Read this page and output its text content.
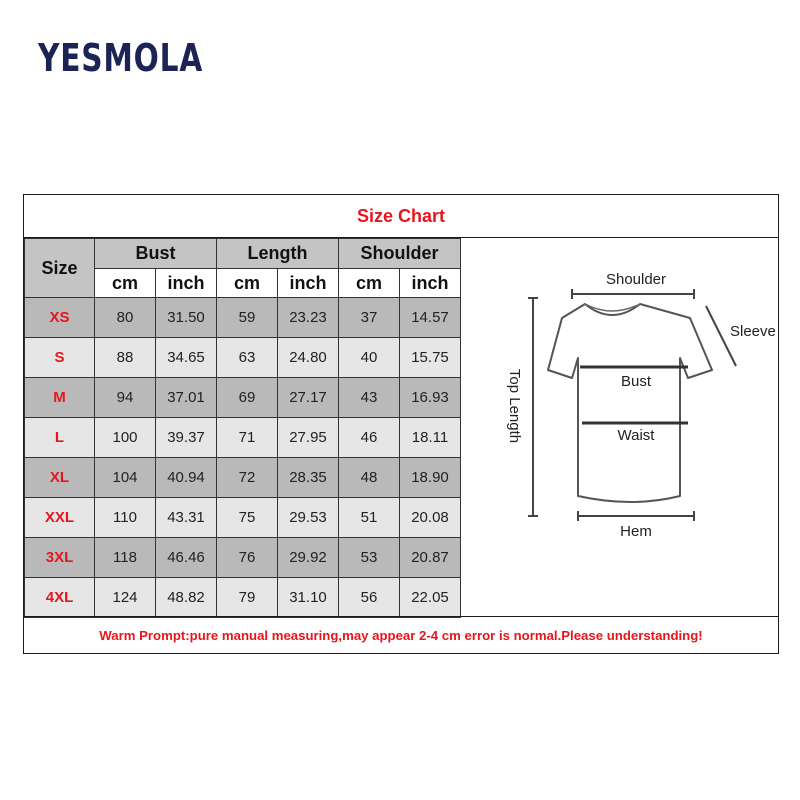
YESMOLA
Size Chart
Size	Bust		Length		Shoulder	
	cm	inch	cm	inch	cm	inch
XS	80	31.50	59	23.23	37	14.57
S	88	34.65	63	24.80	40	15.75
M	94	37.01	69	27.17	43	16.93
L	100	39.37	71	27.95	46	18.11
XL	104	40.94	72	28.35	48	18.90
XXL	110	43.31	75	29.53	51	20.08
3XL	118	46.46	76	29.92	53	20.87
4XL	124	48.82	79	31.10	56	22.05
Shoulder
Sleeve
Bust
Waist
Hem
Top Length
Warm Prompt:pure manual measuring,may appear 2-4 cm error is normal.Please understanding!
